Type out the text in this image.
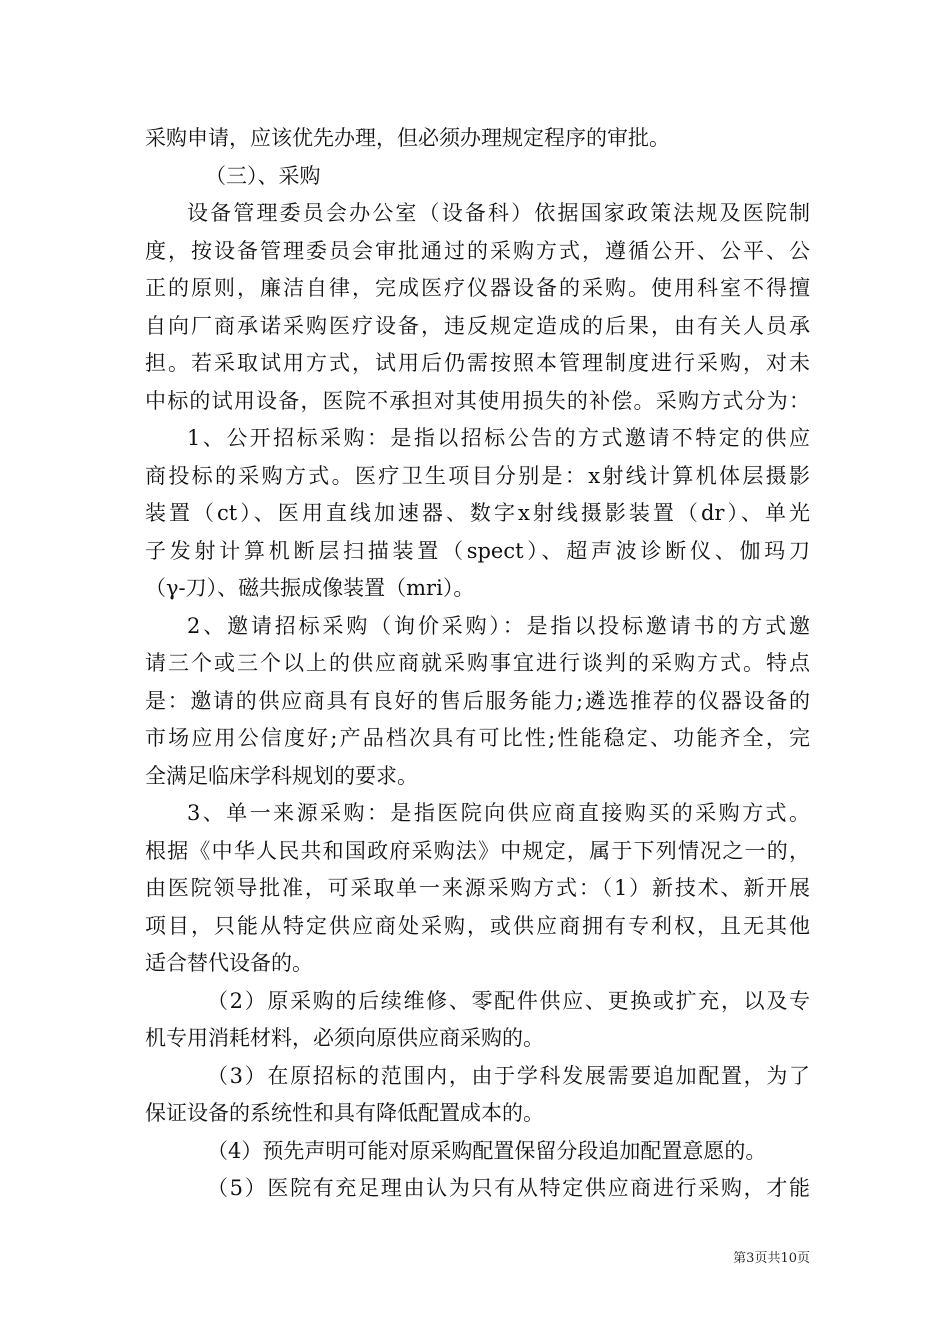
采购申请，应该优先办理，但必须办理规定程序的审批。
（三）、采购
设备管理委员会办公室（设备科）依据国家政策法规及医院制
度，按设备管理委员会审批通过的采购方式，遵循公开、公平、公
正的原则，廉洁自律，完成医疗仪器设备的采购。使用科室不得擅
自向厂商承诺采购医疗设备，违反规定造成的后果，由有关人员承
担。若采取试用方式，试用后仍需按照本管理制度进行采购，对未
中标的试用设备，医院不承担对其使用损失的补偿。采购方式分为：
1、公开招标采购：是指以招标公告的方式邀请不特定的供应
商投标的采购方式。医疗卫生项目分别是：x射线计算机体层摄影
装置（ct）、医用直线加速器、数字x射线摄影装置（dr）、单光
子发射计算机断层扫描装置（spect）、超声波诊断仪、伽玛刀
（γ-刀）、磁共振成像装置（mri）。
2、邀请招标采购（询价采购）：是指以投标邀请书的方式邀
请三个或三个以上的供应商就采购事宜进行谈判的采购方式。特点
是：邀请的供应商具有良好的售后服务能力;遴选推荐的仪器设备的
市场应用公信度好;产品档次具有可比性;性能稳定、功能齐全，完
全满足临床学科规划的要求。
3、单一来源采购：是指医院向供应商直接购买的采购方式。
根据《中华人民共和国政府采购法》中规定，属于下列情况之一的，
由医院领导批准，可采取单一来源采购方式：（1）新技术、新开展
项目，只能从特定供应商处采购，或供应商拥有专利权，且无其他
适合替代设备的。
（2）原采购的后续维修、零配件供应、更换或扩充，以及专
机专用消耗材料，必须向原供应商采购的。
（3）在原招标的范围内，由于学科发展需要追加配置，为了
保证设备的系统性和具有降低配置成本的。
（4）预先声明可能对原采购配置保留分段追加配置意愿的。
（5）医院有充足理由认为只有从特定供应商进行采购，才能
第3页共10页
